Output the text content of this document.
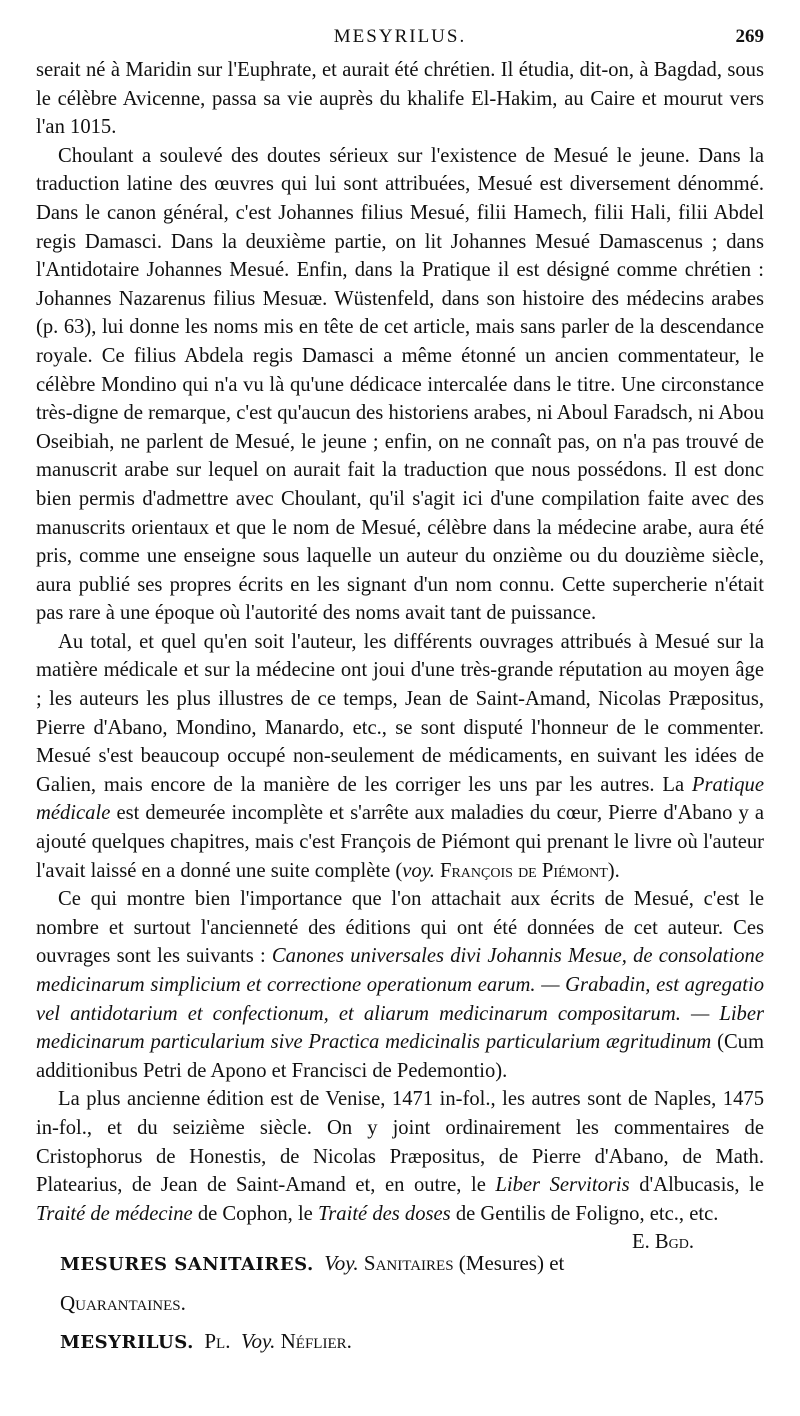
MESYRILUS.	269

serait né à Maridin sur l'Euphrate, et aurait été chrétien. Il étudia, dit-on, à Bagdad, sous le célèbre Avicenne, passa sa vie auprès du khalife El-Hakim, au Caire et mourut vers l'an 1015.

Choulant a soulevé des doutes sérieux sur l'existence de Mesué le jeune. Dans la traduction latine des œuvres qui lui sont attribuées, Mesué est diversement dénommé. Dans le canon général, c'est Johannes filius Mesué, filii Hamech, filii Hali, filii Abdel regis Damasci. Dans la deuxième partie, on lit Johannes Mesué Damascenus ; dans l'Antidotaire Johannes Mesué. Enfin, dans la Pratique il est désigné comme chrétien : Johannes Nazarenus filius Mesuæ. Wüstenfeld, dans son histoire des médecins arabes (p. 63), lui donne les noms mis en tête de cet article, mais sans parler de la descendance royale. Ce filius Abdela regis Damasci a même étonné un ancien commentateur, le célèbre Mondino qui n'a vu là qu'une dédicace intercalée dans le titre. Une circonstance très-digne de remarque, c'est qu'aucun des historiens arabes, ni Aboul Faradsch, ni Abou Oseibiah, ne parlent de Mesué, le jeune ; enfin, on ne connaît pas, on n'a pas trouvé de manuscrit arabe sur lequel on aurait fait la traduction que nous possédons. Il est donc bien permis d'admettre avec Choulant, qu'il s'agit ici d'une compilation faite avec des manuscrits orientaux et que le nom de Mesué, célèbre dans la médecine arabe, aura été pris, comme une enseigne sous laquelle un auteur du onzième ou du douzième siècle, aura publié ses propres écrits en les signant d'un nom connu. Cette supercherie n'était pas rare à une époque où l'autorité des noms avait tant de puissance.

Au total, et quel qu'en soit l'auteur, les différents ouvrages attribués à Mesué sur la matière médicale et sur la médecine ont joui d'une très-grande réputation au moyen âge ; les auteurs les plus illustres de ce temps, Jean de Saint-Amand, Nicolas Præpositus, Pierre d'Abano, Mondino, Manardo, etc., se sont disputé l'honneur de le commenter. Mesué s'est beaucoup occupé non-seulement de médicaments, en suivant les idées de Galien, mais encore de la manière de les corriger les uns par les autres. La Pratique médicale est demeurée incomplète et s'arrête aux maladies du cœur, Pierre d'Abano y a ajouté quelques chapitres, mais c'est François de Piémont qui prenant le livre où l'auteur l'avait laissé en a donné une suite complète (voy. François de Piémont).

Ce qui montre bien l'importance que l'on attachait aux écrits de Mesué, c'est le nombre et surtout l'ancienneté des éditions qui ont été données de cet auteur. Ces ouvrages sont les suivants : Canones universales divi Johannis Mesue, de consolatione medicinarum simplicium et correctione operationum earum. — Grabadin, est agregatio vel antidotarium et confectionum, et aliarum medicinarum compositarum. — Liber medicinarum particularium sive Practica medicinalis particularium ægritudinum (Cum additionibus Petri de Apono et Francisci de Pedemontio).

La plus ancienne édition est de Venise, 1471 in-fol., les autres sont de Naples, 1475 in-fol., et du seizième siècle. On y joint ordinairement les commentaires de Cristophorus de Honestis, de Nicolas Præpositus, de Pierre d'Abano, de Math. Platearius, de Jean de Saint-Amand et, en outre, le Liber Servitoris d'Albucasis, le Traité de médecine de Cophon, le Traité des doses de Gentilis de Foligno, etc., etc.
E. Bgd.

MESURES SANITAIRES. Voy. Sanitaires (Mesures) et Quarantaines.

MESYRILUS. Pl. Voy. Néflier.
